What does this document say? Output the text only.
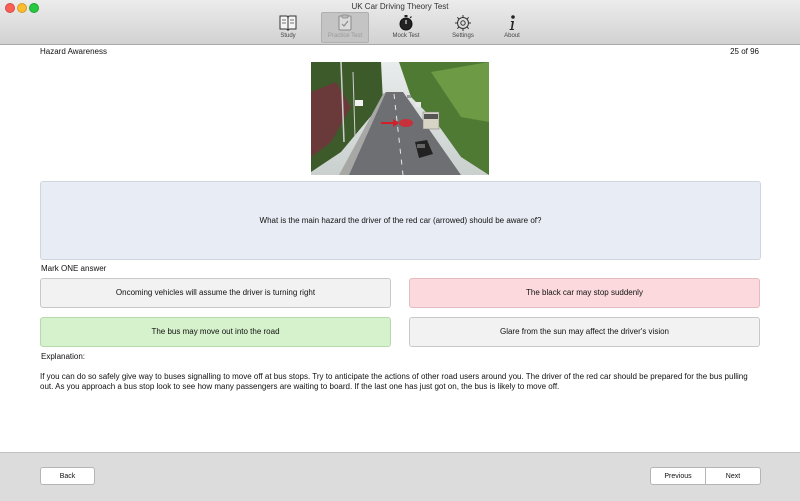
UK Car Driving Theory Test
Study	Practice Test	Mock Test	Settings	About
Hazard Awareness	25 of 96
What is the main hazard the driver of the red car (arrowed) should be aware of?
Mark ONE answer
Oncoming vehicles will assume the driver is turning right	The black car may stop suddenly
The bus may move out into the road	Glare from the sun may affect the driver's vision
Explanation:
If you can do so safely give way to buses signalling to move off at bus stops. Try to anticipate the actions of other road users around you. The driver of the red car should be prepared for the bus pulling out. As you approach a bus stop look to see how many passengers are waiting to board. If the last one has just got on, the bus is likely to move off.
Back	Previous	Next
